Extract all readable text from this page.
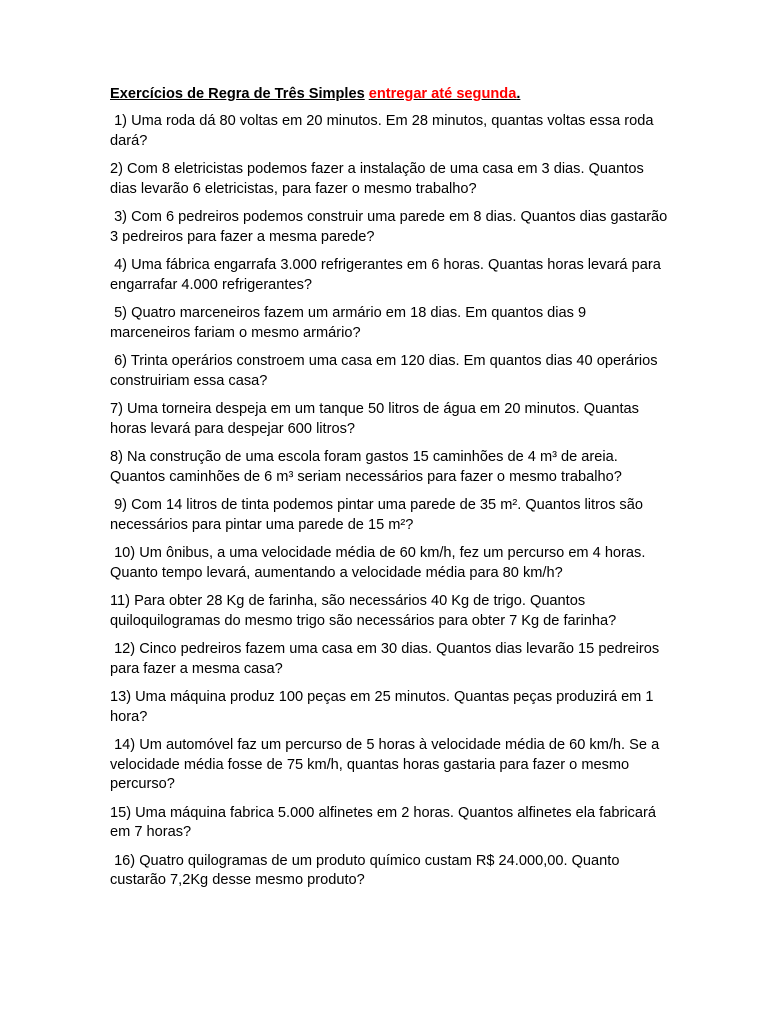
Exercícios de Regra de Três Simples entregar até segunda.

1) Uma roda dá 80 voltas em 20 minutos. Em 28 minutos, quantas voltas essa roda dará?

2) Com 8 eletricistas podemos fazer a instalação de uma casa em 3 dias. Quantos dias levarão 6 eletricistas, para fazer o mesmo trabalho?

3) Com 6 pedreiros podemos construir uma parede em 8 dias. Quantos dias gastarão 3 pedreiros para fazer a mesma parede?

4) Uma fábrica engarrafa 3.000 refrigerantes em 6 horas. Quantas horas levará para engarrafar 4.000 refrigerantes?

5) Quatro marceneiros fazem um armário em 18 dias. Em quantos dias 9 marceneiros fariam o mesmo armário?

6) Trinta operários constroem uma casa em 120 dias. Em quantos dias 40 operários construiriam essa casa?

7) Uma torneira despeja em um tanque 50 litros de água em 20 minutos. Quantas horas levará para despejar 600 litros?

8) Na construção de uma escola foram gastos 15 caminhões de 4 m³ de areia. Quantos caminhões de 6 m³ seriam necessários para fazer o mesmo trabalho?

9) Com 14 litros de tinta podemos pintar uma parede de 35 m². Quantos litros são necessários para pintar uma parede de 15 m²?

10) Um ônibus, a uma velocidade média de 60 km/h, fez um percurso em 4 horas. Quanto tempo levará, aumentando a velocidade média para 80 km/h?

11) Para obter 28 Kg de farinha, são necessários 40 Kg de trigo. Quantos quiloquilogramas do mesmo trigo são necessários para obter 7 Kg de farinha?

12) Cinco pedreiros fazem uma casa em 30 dias. Quantos dias levarão 15 pedreiros para fazer a mesma casa?

13) Uma máquina produz 100 peças em 25 minutos. Quantas peças produzirá em 1 hora?

14) Um automóvel faz um percurso de 5 horas à velocidade média de 60 km/h. Se a velocidade média fosse de 75 km/h, quantas horas gastaria para fazer o mesmo percurso?

15) Uma máquina fabrica 5.000 alfinetes em 2 horas. Quantos alfinetes ela fabricará em 7 horas?

16) Quatro quilogramas de um produto químico custam R$ 24.000,00. Quanto custarão 7,2Kg desse mesmo produto?
